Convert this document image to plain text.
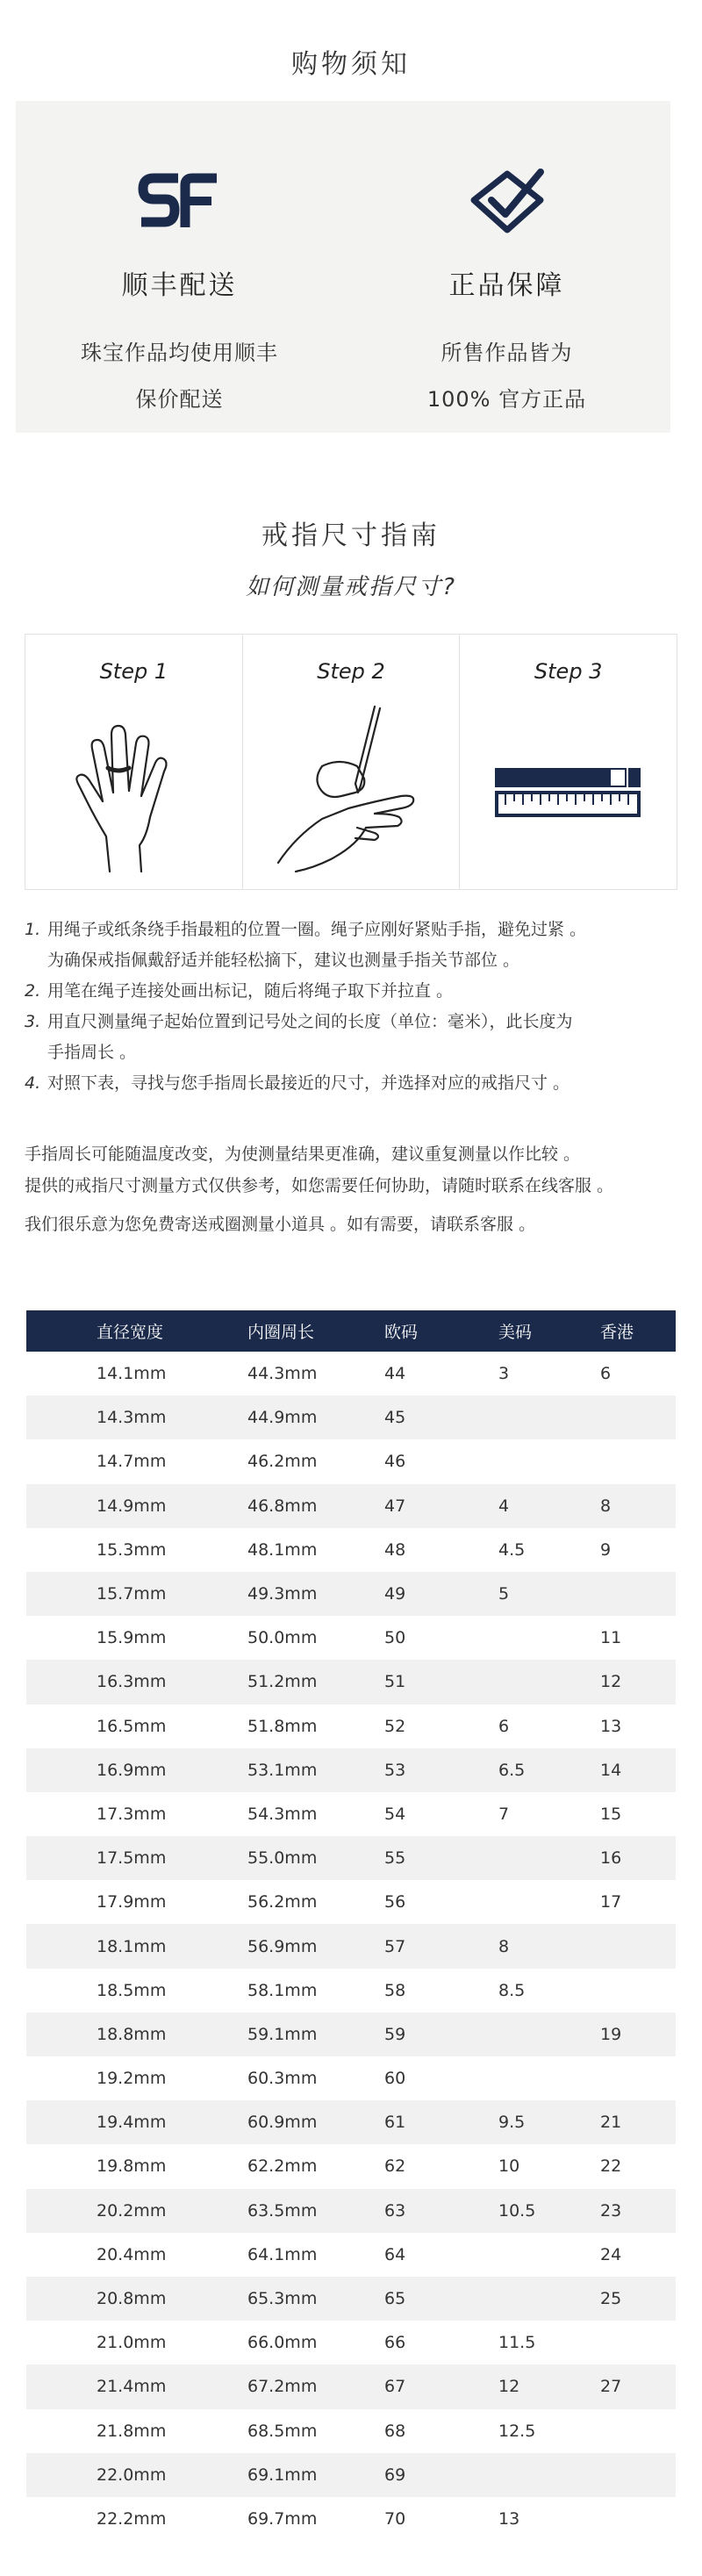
购物须知
顺丰配送
珠宝作品均使用顺丰
保价配送
正品保障
所售作品皆为
100% 官方正品
戒指尺寸指南
如何测量戒指尺寸?
Step 1	Step 2	Step 3
1. 用绳子或纸条绕手指最粗的位置一圈。绳子应刚好紧贴手指，避免过紧 。
为确保戒指佩戴舒适并能轻松摘下，建议也测量手指关节部位 。
2. 用笔在绳子连接处画出标记，随后将绳子取下并拉直 。
3. 用直尺测量绳子起始位置到记号处之间的长度（单位：毫米），此长度为
手指周长 。
4. 对照下表，寻找与您手指周长最接近的尺寸，并选择对应的戒指尺寸 。
手指周长可能随温度改变，为使测量结果更准确，建议重复测量以作比较 。
提供的戒指尺寸测量方式仅供参考，如您需要任何协助，请随时联系在线客服 。
我们很乐意为您免费寄送戒圈测量小道具 。如有需要，请联系客服 。
直径宽度	内圈周长	欧码	美码	香港
14.1mm	44.3mm	44	3	6
14.3mm	44.9mm	45		
14.7mm	46.2mm	46		
14.9mm	46.8mm	47	4	8
15.3mm	48.1mm	48	4.5	9
15.7mm	49.3mm	49	5	
15.9mm	50.0mm	50		11
16.3mm	51.2mm	51		12
16.5mm	51.8mm	52	6	13
16.9mm	53.1mm	53	6.5	14
17.3mm	54.3mm	54	7	15
17.5mm	55.0mm	55		16
17.9mm	56.2mm	56		17
18.1mm	56.9mm	57	8	
18.5mm	58.1mm	58	8.5	
18.8mm	59.1mm	59		19
19.2mm	60.3mm	60		
19.4mm	60.9mm	61	9.5	21
19.8mm	62.2mm	62	10	22
20.2mm	63.5mm	63	10.5	23
20.4mm	64.1mm	64		24
20.8mm	65.3mm	65		25
21.0mm	66.0mm	66	11.5	
21.4mm	67.2mm	67	12	27
21.8mm	68.5mm	68	12.5	
22.0mm	69.1mm	69		
22.2mm	69.7mm	70	13	
